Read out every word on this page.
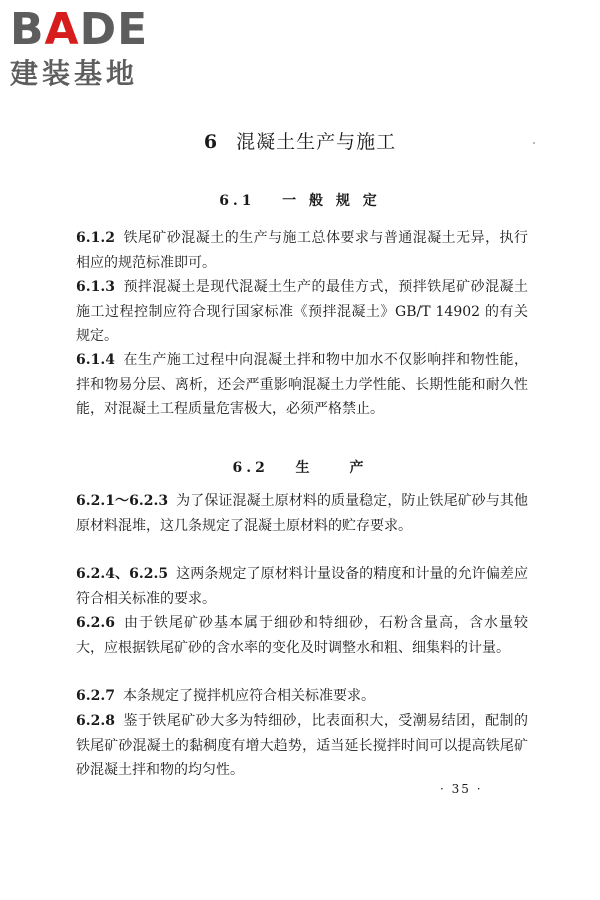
BADE
建装基地
6 混凝土生产与施工
6.1 一 般 规 定

6.1.2 铁尾矿砂混凝土的生产与施工总体要求与普通混凝土无异，执行相应的规范标准即可。

6.1.3 预拌混凝土是现代混凝土生产的最佳方式，预拌铁尾矿砂混凝土施工过程控制应符合现行国家标准《预拌混凝土》GB/T 14902 的有关规定。

6.1.4 在生产施工过程中向混凝土拌和物中加水不仅影响拌和物性能，拌和物易分层、离析，还会严重影响混凝土力学性能、长期性能和耐久性能，对混凝土工程质量危害极大，必须严格禁止。

6.2 生　　产

6.2.1～6.2.3 为了保证混凝土原材料的质量稳定，防止铁尾矿砂与其他原材料混堆，这几条规定了混凝土原材料的贮存要求。

6.2.4、6.2.5 这两条规定了原材料计量设备的精度和计量的允许偏差应符合相关标准的要求。

6.2.6 由于铁尾矿砂基本属于细砂和特细砂，石粉含量高，含水量较大，应根据铁尾矿砂的含水率的变化及时调整水和粗、细集料的计量。

6.2.7 本条规定了搅拌机应符合相关标准要求。

6.2.8 鉴于铁尾矿砂大多为特细砂，比表面积大，受潮易结团，配制的铁尾矿砂混凝土的黏稠度有增大趋势，适当延长搅拌时间可以提高铁尾矿砂混凝土拌和物的均匀性。

· 35 ·
